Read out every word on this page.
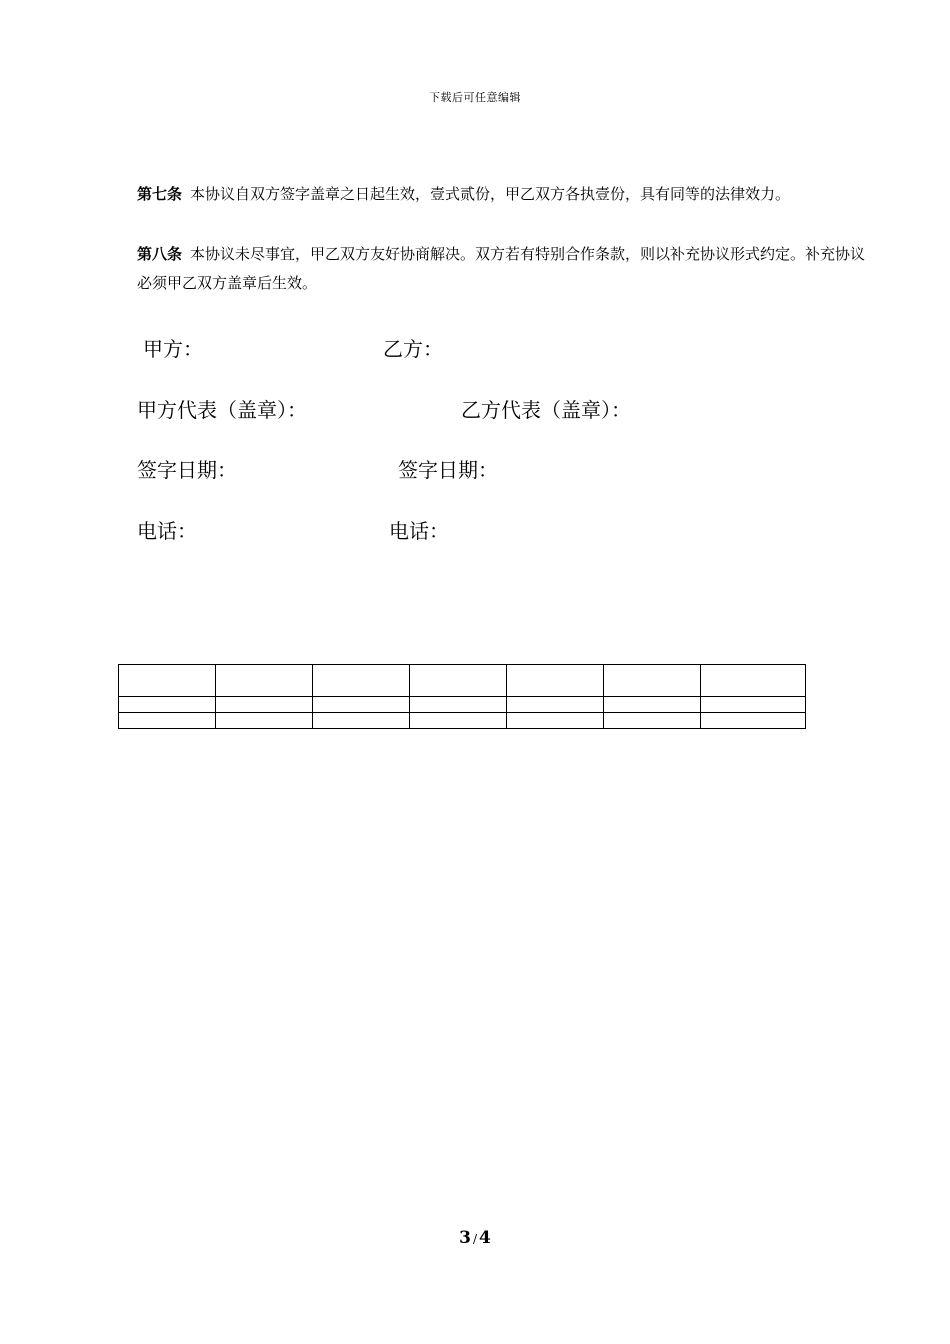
下载后可任意编辑
第七条 本协议自双方签字盖章之日起生效，壹式贰份，甲乙双方各执壹份，具有同等的法律效力。
第八条 本协议未尽事宜，甲乙双方友好协商解决。双方若有特别合作条款，则以补充协议形式约定。补充协议必须甲乙双方盖章后生效。
甲方：	乙方：
甲方代表（盖章）：	乙方代表（盖章）：
签字日期：	签字日期：
电话：	电话：

3 / 4
